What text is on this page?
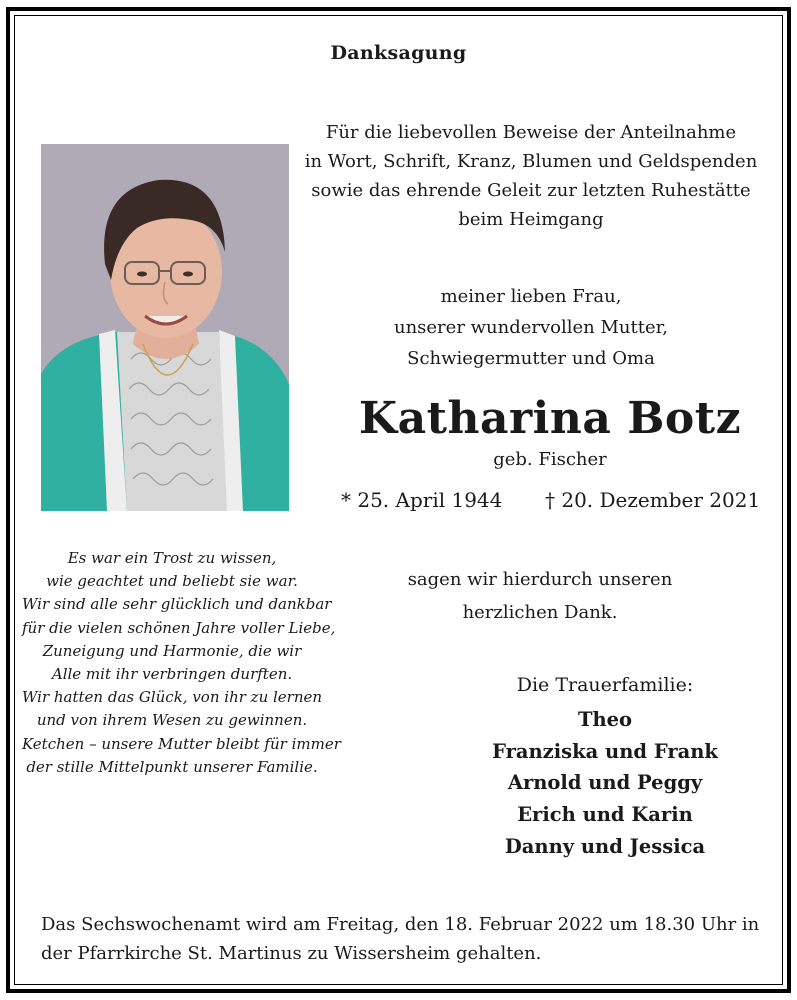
Danksagung
Für die liebevollen Beweise der Anteilnahme
in Wort, Schrift, Kranz, Blumen und Geldspenden
sowie das ehrende Geleit zur letzten Ruhestätte
beim Heimgang
meiner lieben Frau,
unserer wundervollen Mutter,
Schwiegermutter und Oma
Katharina Botz
geb. Fischer
* 25. April 1944 † 20. Dezember 2021
Es war ein Trost zu wissen,
wie geachtet und beliebt sie war.
Wir sind alle sehr glücklich und dankbar
für die vielen schönen Jahre voller Liebe,
Zuneigung und Harmonie, die wir
Alle mit ihr verbringen durften.
Wir hatten das Glück, von ihr zu lernen
und von ihrem Wesen zu gewinnen.
Ketchen – unsere Mutter bleibt für immer
der stille Mittelpunkt unserer Familie.
sagen wir hierdurch unseren
herzlichen Dank.
Die Trauerfamilie:
Theo
Franziska und Frank
Arnold und Peggy
Erich und Karin
Danny und Jessica
Das Sechswochenamt wird am Freitag, den 18. Februar 2022 um 18.30 Uhr in
der Pfarrkirche St. Martinus zu Wissersheim gehalten.
